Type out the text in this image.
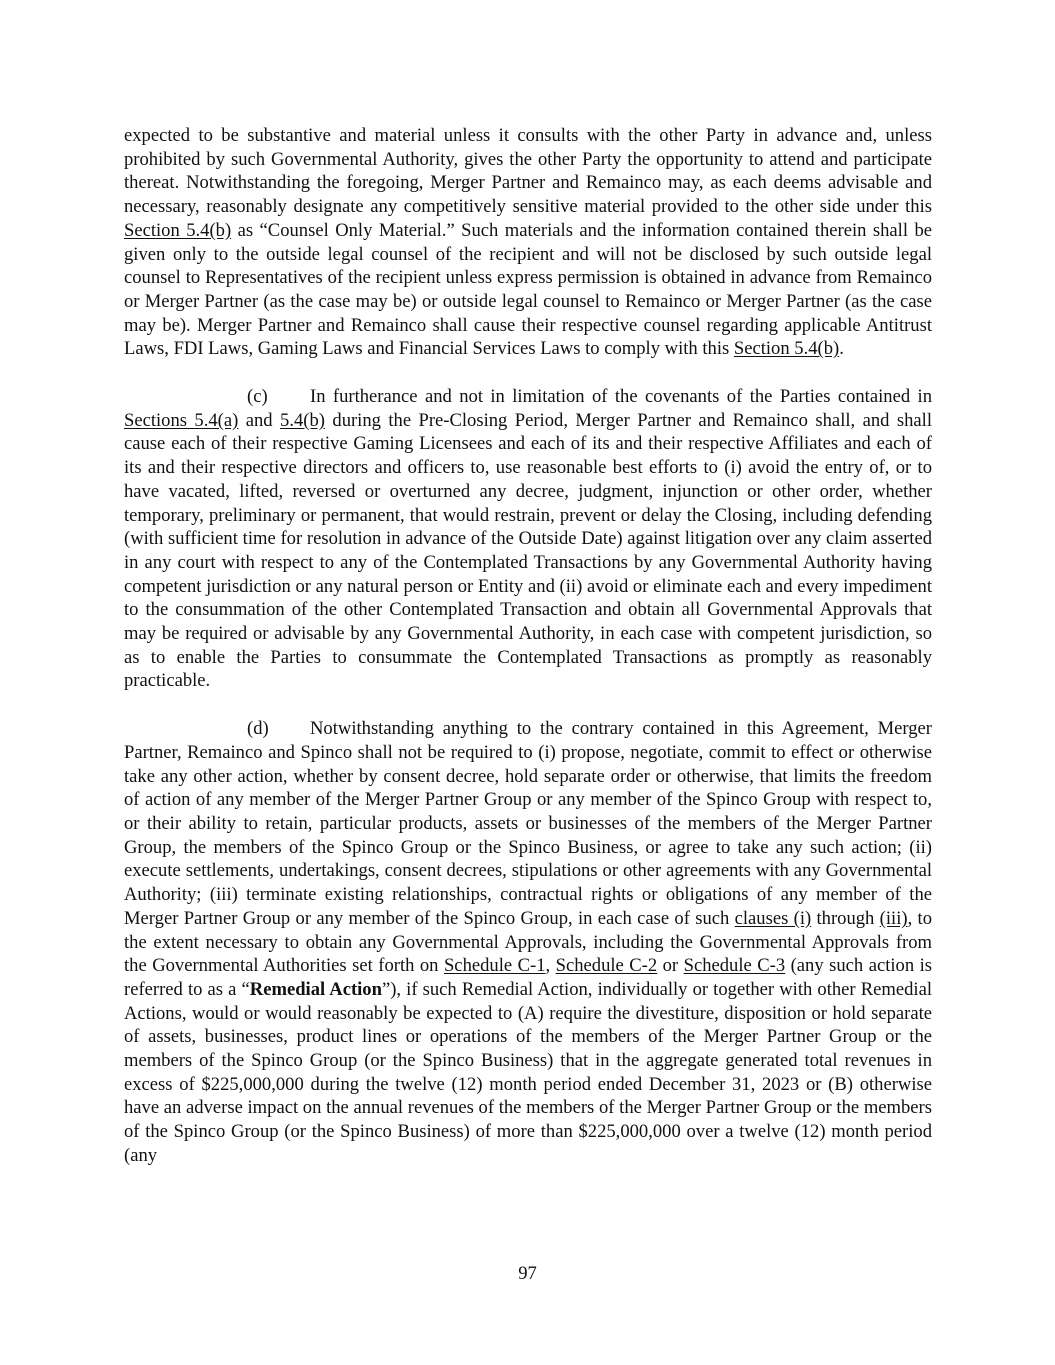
expected to be substantive and material unless it consults with the other Party in advance and, unless prohibited by such Governmental Authority, gives the other Party the opportunity to attend and participate thereat. Notwithstanding the foregoing, Merger Partner and Remainco may, as each deems advisable and necessary, reasonably designate any competitively sensitive material provided to the other side under this Section 5.4(b) as “Counsel Only Material.” Such materials and the information contained therein shall be given only to the outside legal counsel of the recipient and will not be disclosed by such outside legal counsel to Representatives of the recipient unless express permission is obtained in advance from Remainco or Merger Partner (as the case may be) or outside legal counsel to Remainco or Merger Partner (as the case may be). Merger Partner and Remainco shall cause their respective counsel regarding applicable Antitrust Laws, FDI Laws, Gaming Laws and Financial Services Laws to comply with this Section 5.4(b).

(c) In furtherance and not in limitation of the covenants of the Parties contained in Sections 5.4(a) and 5.4(b) during the Pre-Closing Period, Merger Partner and Remainco shall, and shall cause each of their respective Gaming Licensees and each of its and their respective Affiliates and each of its and their respective directors and officers to, use reasonable best efforts to (i) avoid the entry of, or to have vacated, lifted, reversed or overturned any decree, judgment, injunction or other order, whether temporary, preliminary or permanent, that would restrain, prevent or delay the Closing, including defending (with sufficient time for resolution in advance of the Outside Date) against litigation over any claim asserted in any court with respect to any of the Contemplated Transactions by any Governmental Authority having competent jurisdiction or any natural person or Entity and (ii) avoid or eliminate each and every impediment to the consummation of the other Contemplated Transaction and obtain all Governmental Approvals that may be required or advisable by any Governmental Authority, in each case with competent jurisdiction, so as to enable the Parties to consummate the Contemplated Transactions as promptly as reasonably practicable.

(d) Notwithstanding anything to the contrary contained in this Agreement, Merger Partner, Remainco and Spinco shall not be required to (i) propose, negotiate, commit to effect or otherwise take any other action, whether by consent decree, hold separate order or otherwise, that limits the freedom of action of any member of the Merger Partner Group or any member of the Spinco Group with respect to, or their ability to retain, particular products, assets or businesses of the members of the Merger Partner Group, the members of the Spinco Group or the Spinco Business, or agree to take any such action; (ii) execute settlements, undertakings, consent decrees, stipulations or other agreements with any Governmental Authority; (iii) terminate existing relationships, contractual rights or obligations of any member of the Merger Partner Group or any member of the Spinco Group, in each case of such clauses (i) through (iii), to the extent necessary to obtain any Governmental Approvals, including the Governmental Approvals from the Governmental Authorities set forth on Schedule C-1, Schedule C-2 or Schedule C-3 (any such action is referred to as a “Remedial Action”), if such Remedial Action, individually or together with other Remedial Actions, would or would reasonably be expected to (A) require the divestiture, disposition or hold separate of assets, businesses, product lines or operations of the members of the Merger Partner Group or the members of the Spinco Group (or the Spinco Business) that in the aggregate generated total revenues in excess of $225,000,000 during the twelve (12) month period ended December 31, 2023 or (B) otherwise have an adverse impact on the annual revenues of the members of the Merger Partner Group or the members of the Spinco Group (or the Spinco Business) of more than $225,000,000 over a twelve (12) month period (any

97
